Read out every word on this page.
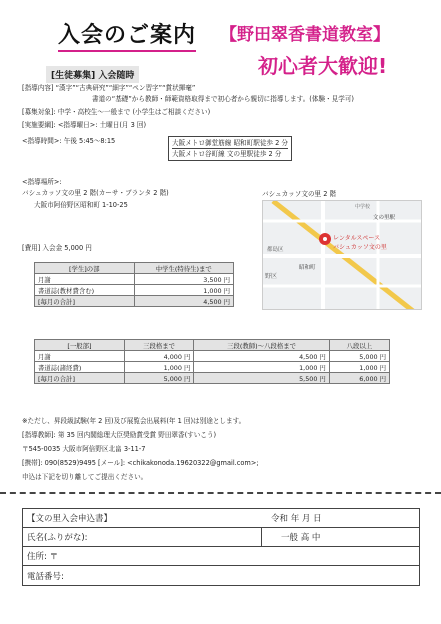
入会のご案内 【野田翠香書道教室】
初心者大歓迎!
[生徒募集] 入会随時
[指導内容] “漢字”“古典研究”“細字”“ペン習字”“賞状揮毫”
書道の“基礎”から教師・師範資格取得まで初心者から親切に指導します。(体験・見学可)
[募集対象]: 中学・高校生～一般まで (小学生はご相談ください)
[実施要綱]: <指導曜日>: 土曜日(月 3 回)
<指導時間>: 午後 5:45～8:15	大阪メトロ御堂筋線 昭和町駅徒歩 2 分
大阪メトロ谷町線 文の里駅徒歩 2 分
<指導場所>:
バシュカッソ文の里 2 階(カーサ・ブランタ 2 階)
大阪市阿倍野区昭和町 1-10-25
バシュカッソ文の里 2 階
中学校
文の里駅
都島区
昭和町
レンタルスペース
バシュカッソ文の里
野区
[費用] 入会金 5,000 円
[学生]の部	中学生(特待生)まで
月謝	3,500 円
書道誌(教材費含む)	1,000 円
[毎月の合計]	4,500 円
[一般部]	三段格まで	三段(教師)～八段格まで	八段以上
月謝	4,000 円	4,500 円	5,000 円
書道誌(諸経費)	1,000 円	1,000 円	1,000 円
[毎月の合計]	5,000 円	5,500 円	6,000 円
※ただし、昇段級試験(年 2 回)及び展覧会出展料(年 1 回)は別途とします。
[指導教師]: 第 35 回内閣総理大臣奨励賞受賞 野田翠香(すいこう)
〒545-0035 大阪市阿倍野区北畠 3-11-7
[携帯]: 090(8529)9495 [メール]: <chikakonoda.19620322@gmail.com>;
申込は下記を切り離してご提出ください。
【文の里入会申込書】	令和 年 月 日
氏名(ふりがな):	一般 高 中
住所: 〒
電話番号:
